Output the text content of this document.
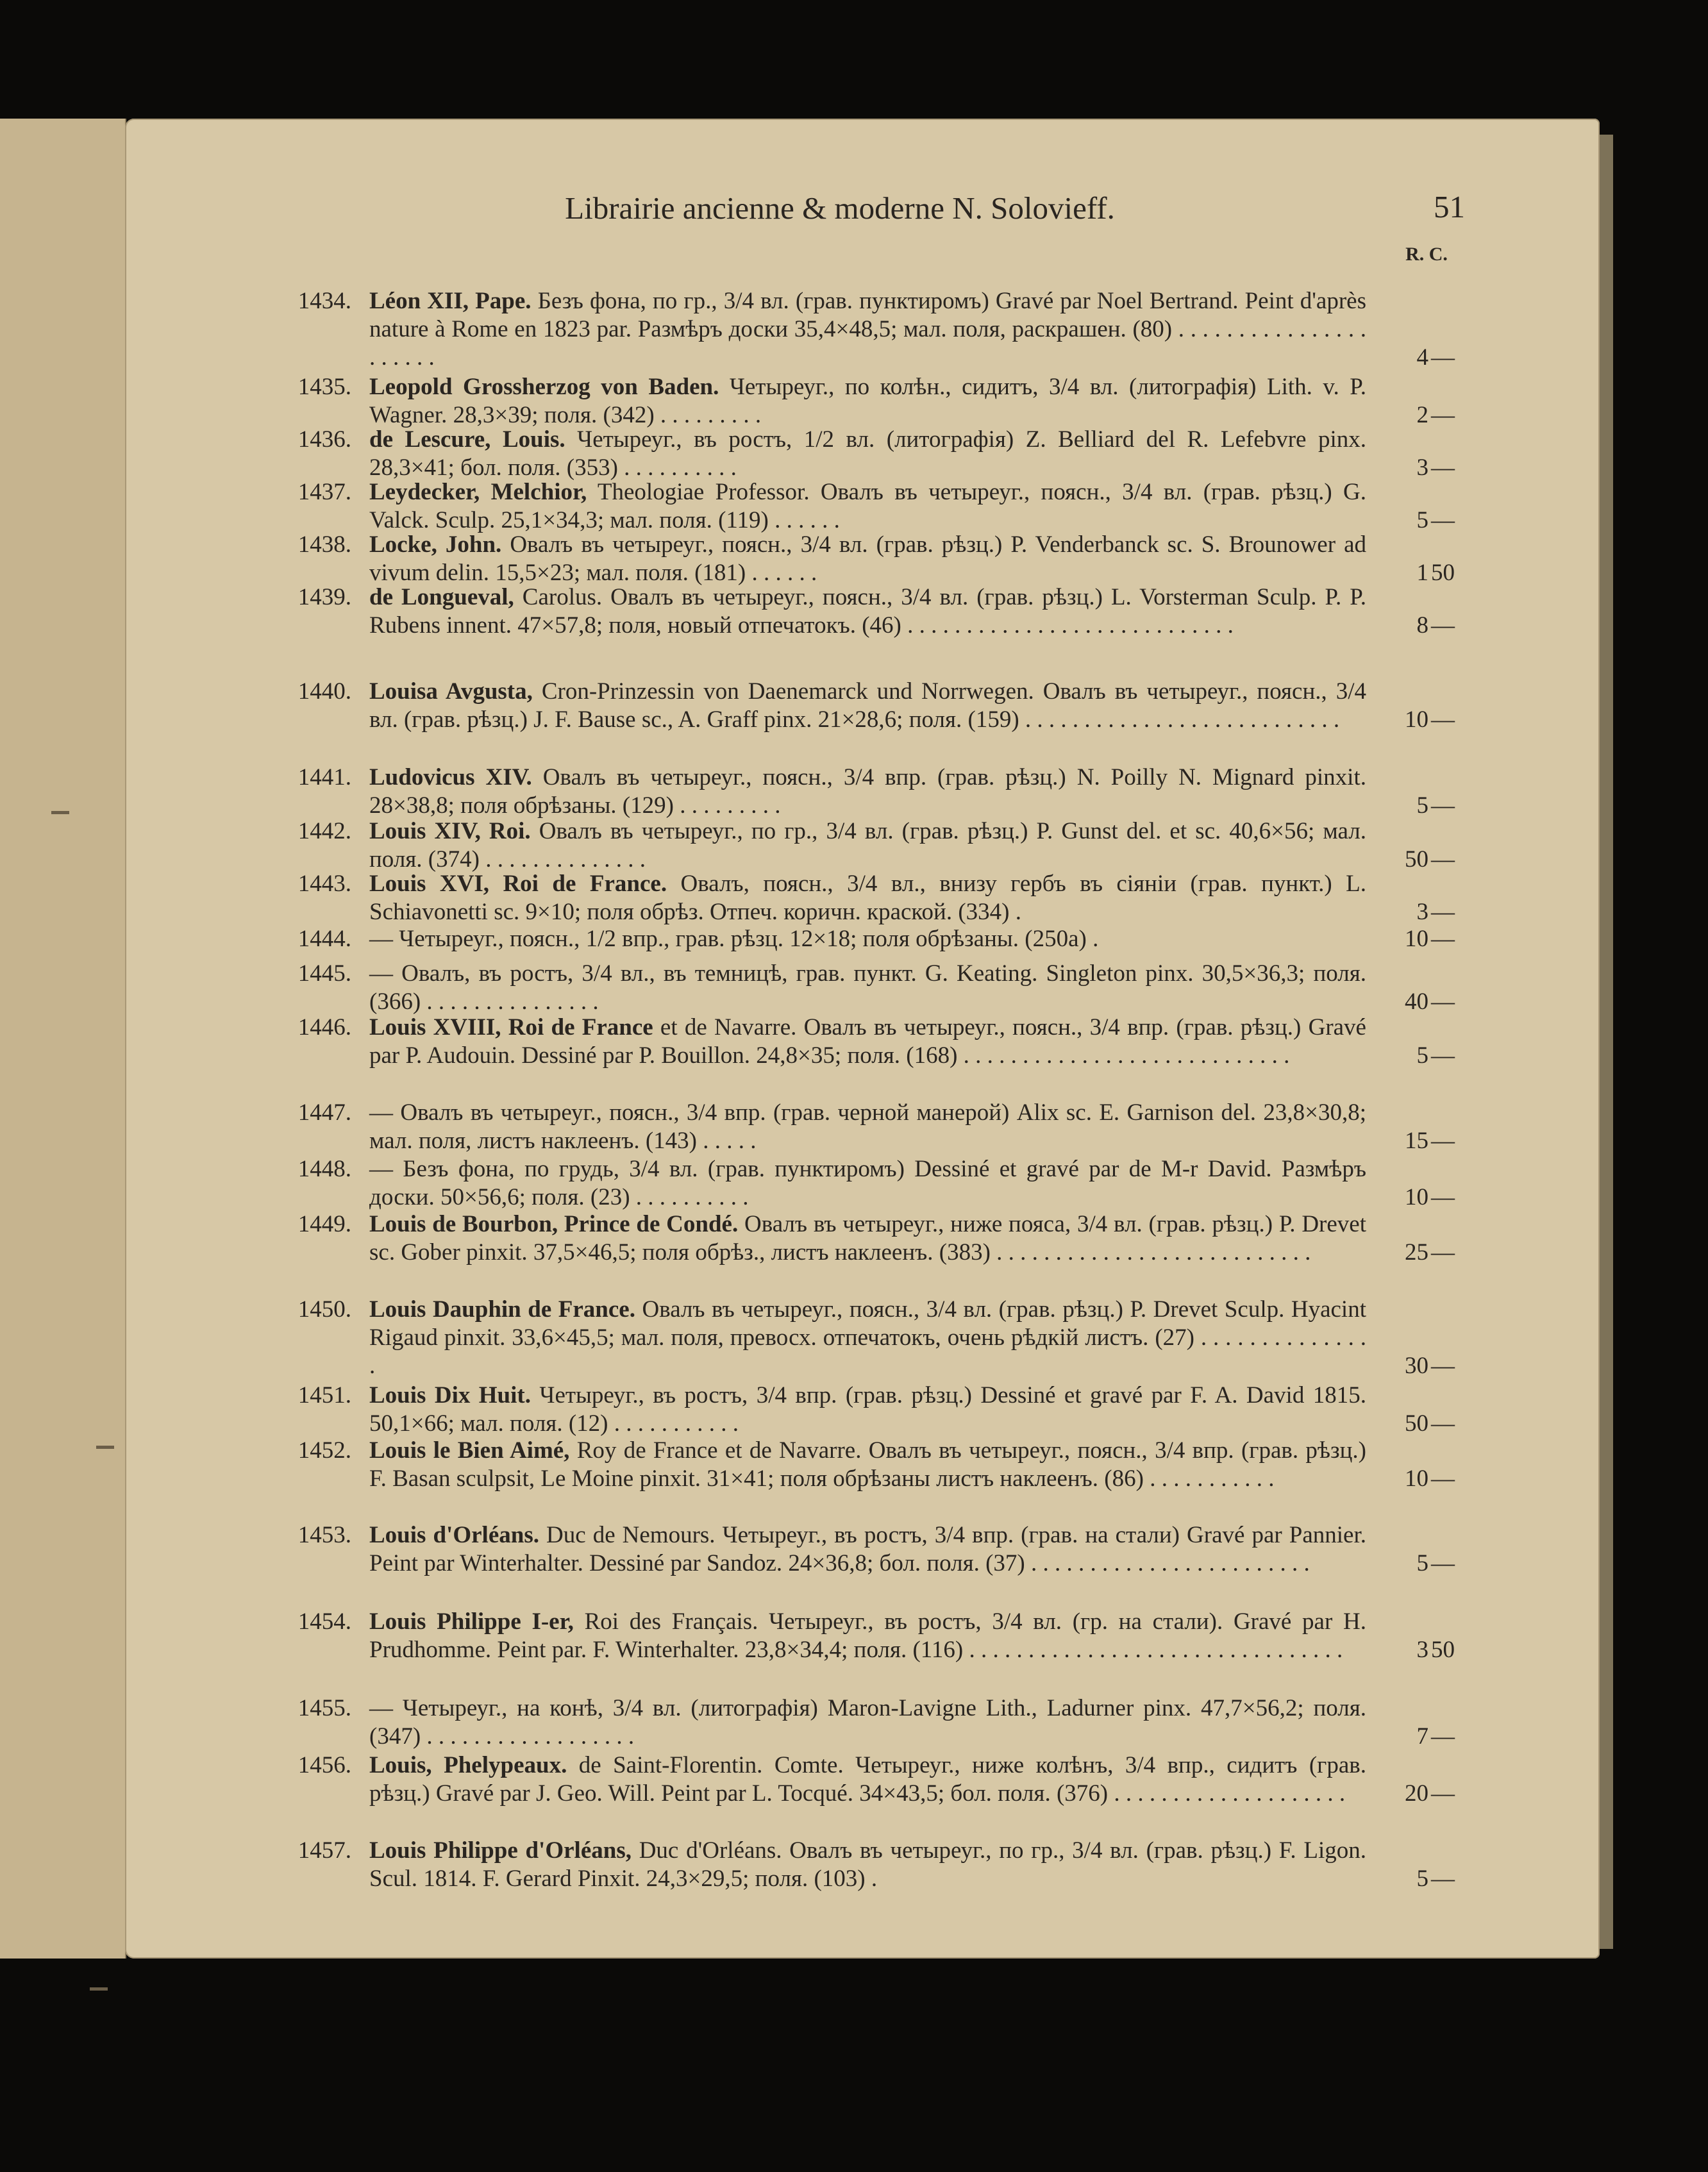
Librairie ancienne & moderne N. Solovieff.	51
R. C.
1434. Léon XII, Pape. Безъ фона, по гр., 3/4 вл. (грав. пунктиромъ) Gravé par Noel Bertrand. Peint d'après nature à Rome en 1823 par. Размѣръ доски 35,4×48,5; мал. поля, раскрашен. (80) . . . . . . . . . . . . . . . . . . . . . .	4 —
1435. Leopold Grossherzog von Baden. Четыреуг., по колѣн., сидитъ, 3/4 вл. (литографія) Lith. v. P. Wagner. 28,3×39; поля. (342) . . . . . . . . .	2 —
1436. de Lescure, Louis. Четыреуг., въ ростъ, 1/2 вл. (литографія) Z. Belliard del R. Lefebvre pinx. 28,3×41; бол. поля. (353) . . . . . . . . . .	3 —
1437. Leydecker, Melchior, Theologiae Professor. Овалъ въ четыреуг., поясн., 3/4 вл. (грав. рѣзц.) G. Valck. Sculp. 25,1×34,3; мал. поля. (119) . . . . . .	5 —
1438. Locke, John. Овалъ въ четыреуг., поясн., 3/4 вл. (грав. рѣзц.) P. Venderbanck sc. S. Brounower ad vivum delin. 15,5×23; мал. поля. (181) . . . . . .	1 50
1439. de Longueval, Carolus. Овалъ въ четыреуг., поясн., 3/4 вл. (грав. рѣзц.) L. Vorsterman Sculp. P. P. Rubens innent. 47×57,8; поля, новый отпечатокъ. (46) . . . . . . . . . . . . . . . . . . . . . . . . . . . .	8 —
1440. Louisa Avgusta, Cron-Prinzessin von Daenemarck und Norrwegen. Овалъ въ четыреуг., поясн., 3/4 вл. (грав. рѣзц.) J. F. Bause sc., A. Graff pinx. 21×28,6; поля. (159) . . . . . . . . . . . . . . . . . . . . . . . . . . .	10 —
1441. Ludovicus XIV. Овалъ въ четыреуг., поясн., 3/4 впр. (грав. рѣзц.) N. Poilly N. Mignard pinxit. 28×38,8; поля обрѣзаны. (129) . . . . . . . . .	5 —
1442. Louis XIV, Roi. Овалъ въ четыреуг., по гр., 3/4 вл. (грав. рѣзц.) P. Gunst del. et sc. 40,6×56; мал. поля. (374) . . . . . . . . . . . . . .	50 —
1443. Louis XVI, Roi de France. Овалъ, поясн., 3/4 вл., внизу гербъ въ сіяніи (грав. пункт.) L. Schiavonetti sc. 9×10; поля обрѣз. Отпеч. коричн. краской. (334) .	3 —
1444. — Четыреуг., поясн., 1/2 впр., грав. рѣзц. 12×18; поля обрѣзаны. (250a) .	10 —
1445. — Овалъ, въ ростъ, 3/4 вл., въ темницѣ, грав. пункт. G. Keating. Singleton pinx. 30,5×36,3; поля. (366) . . . . . . . . . . . . . . .	40 —
1446. Louis XVIII, Roi de France et de Navarre. Овалъ въ четыреуг., поясн., 3/4 впр. (грав. рѣзц.) Gravé par P. Audouin. Dessiné par P. Bouillon. 24,8×35; поля. (168) . . . . . . . . . . . . . . . . . . . . . . . . . . . .	5 —
1447. — Овалъ въ четыреуг., поясн., 3/4 впр. (грав. черной манерой) Alix sc. E. Garnison del. 23,8×30,8; мал. поля, листъ наклеенъ. (143) . . . . .	15 —
1448. — Безъ фона, по грудь, 3/4 вл. (грав. пунктиромъ) Dessiné et gravé par de M-r David. Размѣръ доски. 50×56,6; поля. (23) . . . . . . . . . .	10 —
1449. Louis de Bourbon, Prince de Condé. Овалъ въ четыреуг., ниже пояса, 3/4 вл. (грав. рѣзц.) P. Drevet sc. Gober pinxit. 37,5×46,5; поля обрѣз., листъ наклеенъ. (383) . . . . . . . . . . . . . . . . . . . . . . . . . . .	25 —
1450. Louis Dauphin de France. Овалъ въ четыреуг., поясн., 3/4 вл. (грав. рѣзц.) P. Drevet Sculp. Hyacint Rigaud pinxit. 33,6×45,5; мал. поля, превосх. отпечатокъ, очень рѣдкій листъ. (27) . . . . . . . . . . . . . . .	30 —
1451. Louis Dix Huit. Четыреуг., въ ростъ, 3/4 впр. (грав. рѣзц.) Dessiné et gravé par F. A. David 1815. 50,1×66; мал. поля. (12) . . . . . . . . . . .	50 —
1452. Louis le Bien Aimé, Roy de France et de Navarre. Овалъ въ четыреуг., поясн., 3/4 впр. (грав. рѣзц.) F. Basan sculpsit, Le Moine pinxit. 31×41; поля обрѣзаны листъ наклеенъ. (86) . . . . . . . . . . .	10 —
1453. Louis d'Orléans. Duc de Nemours. Четыреуг., въ ростъ, 3/4 впр. (грав. на стали) Gravé par Pannier. Peint par Winterhalter. Dessiné par Sandoz. 24×36,8; бол. поля. (37) . . . . . . . . . . . . . . . . . . . . . . . .	5 —
1454. Louis Philippe I-er, Roi des Français. Четыреуг., въ ростъ, 3/4 вл. (гр. на стали). Gravé par H. Prudhomme. Peint par. F. Winterhalter. 23,8×34,4; поля. (116) . . . . . . . . . . . . . . . . . . . . . . . . . . . . . . . .	3 50
1455. — Четыреуг., на конѣ, 3/4 вл. (литографія) Maron-Lavigne Lith., Ladurner pinx. 47,7×56,2; поля. (347) . . . . . . . . . . . . . . . . . .	7 —
1456. Louis, Phelypeaux. de Saint-Florentin. Comte. Четыреуг., ниже колѣнъ, 3/4 впр., сидитъ (грав. рѣзц.) Gravé par J. Geo. Will. Peint par L. Tocqué. 34×43,5; бол. поля. (376) . . . . . . . . . . . . . . . . . . . .	20 —
1457. Louis Philippe d'Orléans, Duc d'Orléans. Овалъ въ четыреуг., по гр., 3/4 вл. (грав. рѣзц.) F. Ligon. Scul. 1814. F. Gerard Pinxit. 24,3×29,5; поля. (103) .	5 —
